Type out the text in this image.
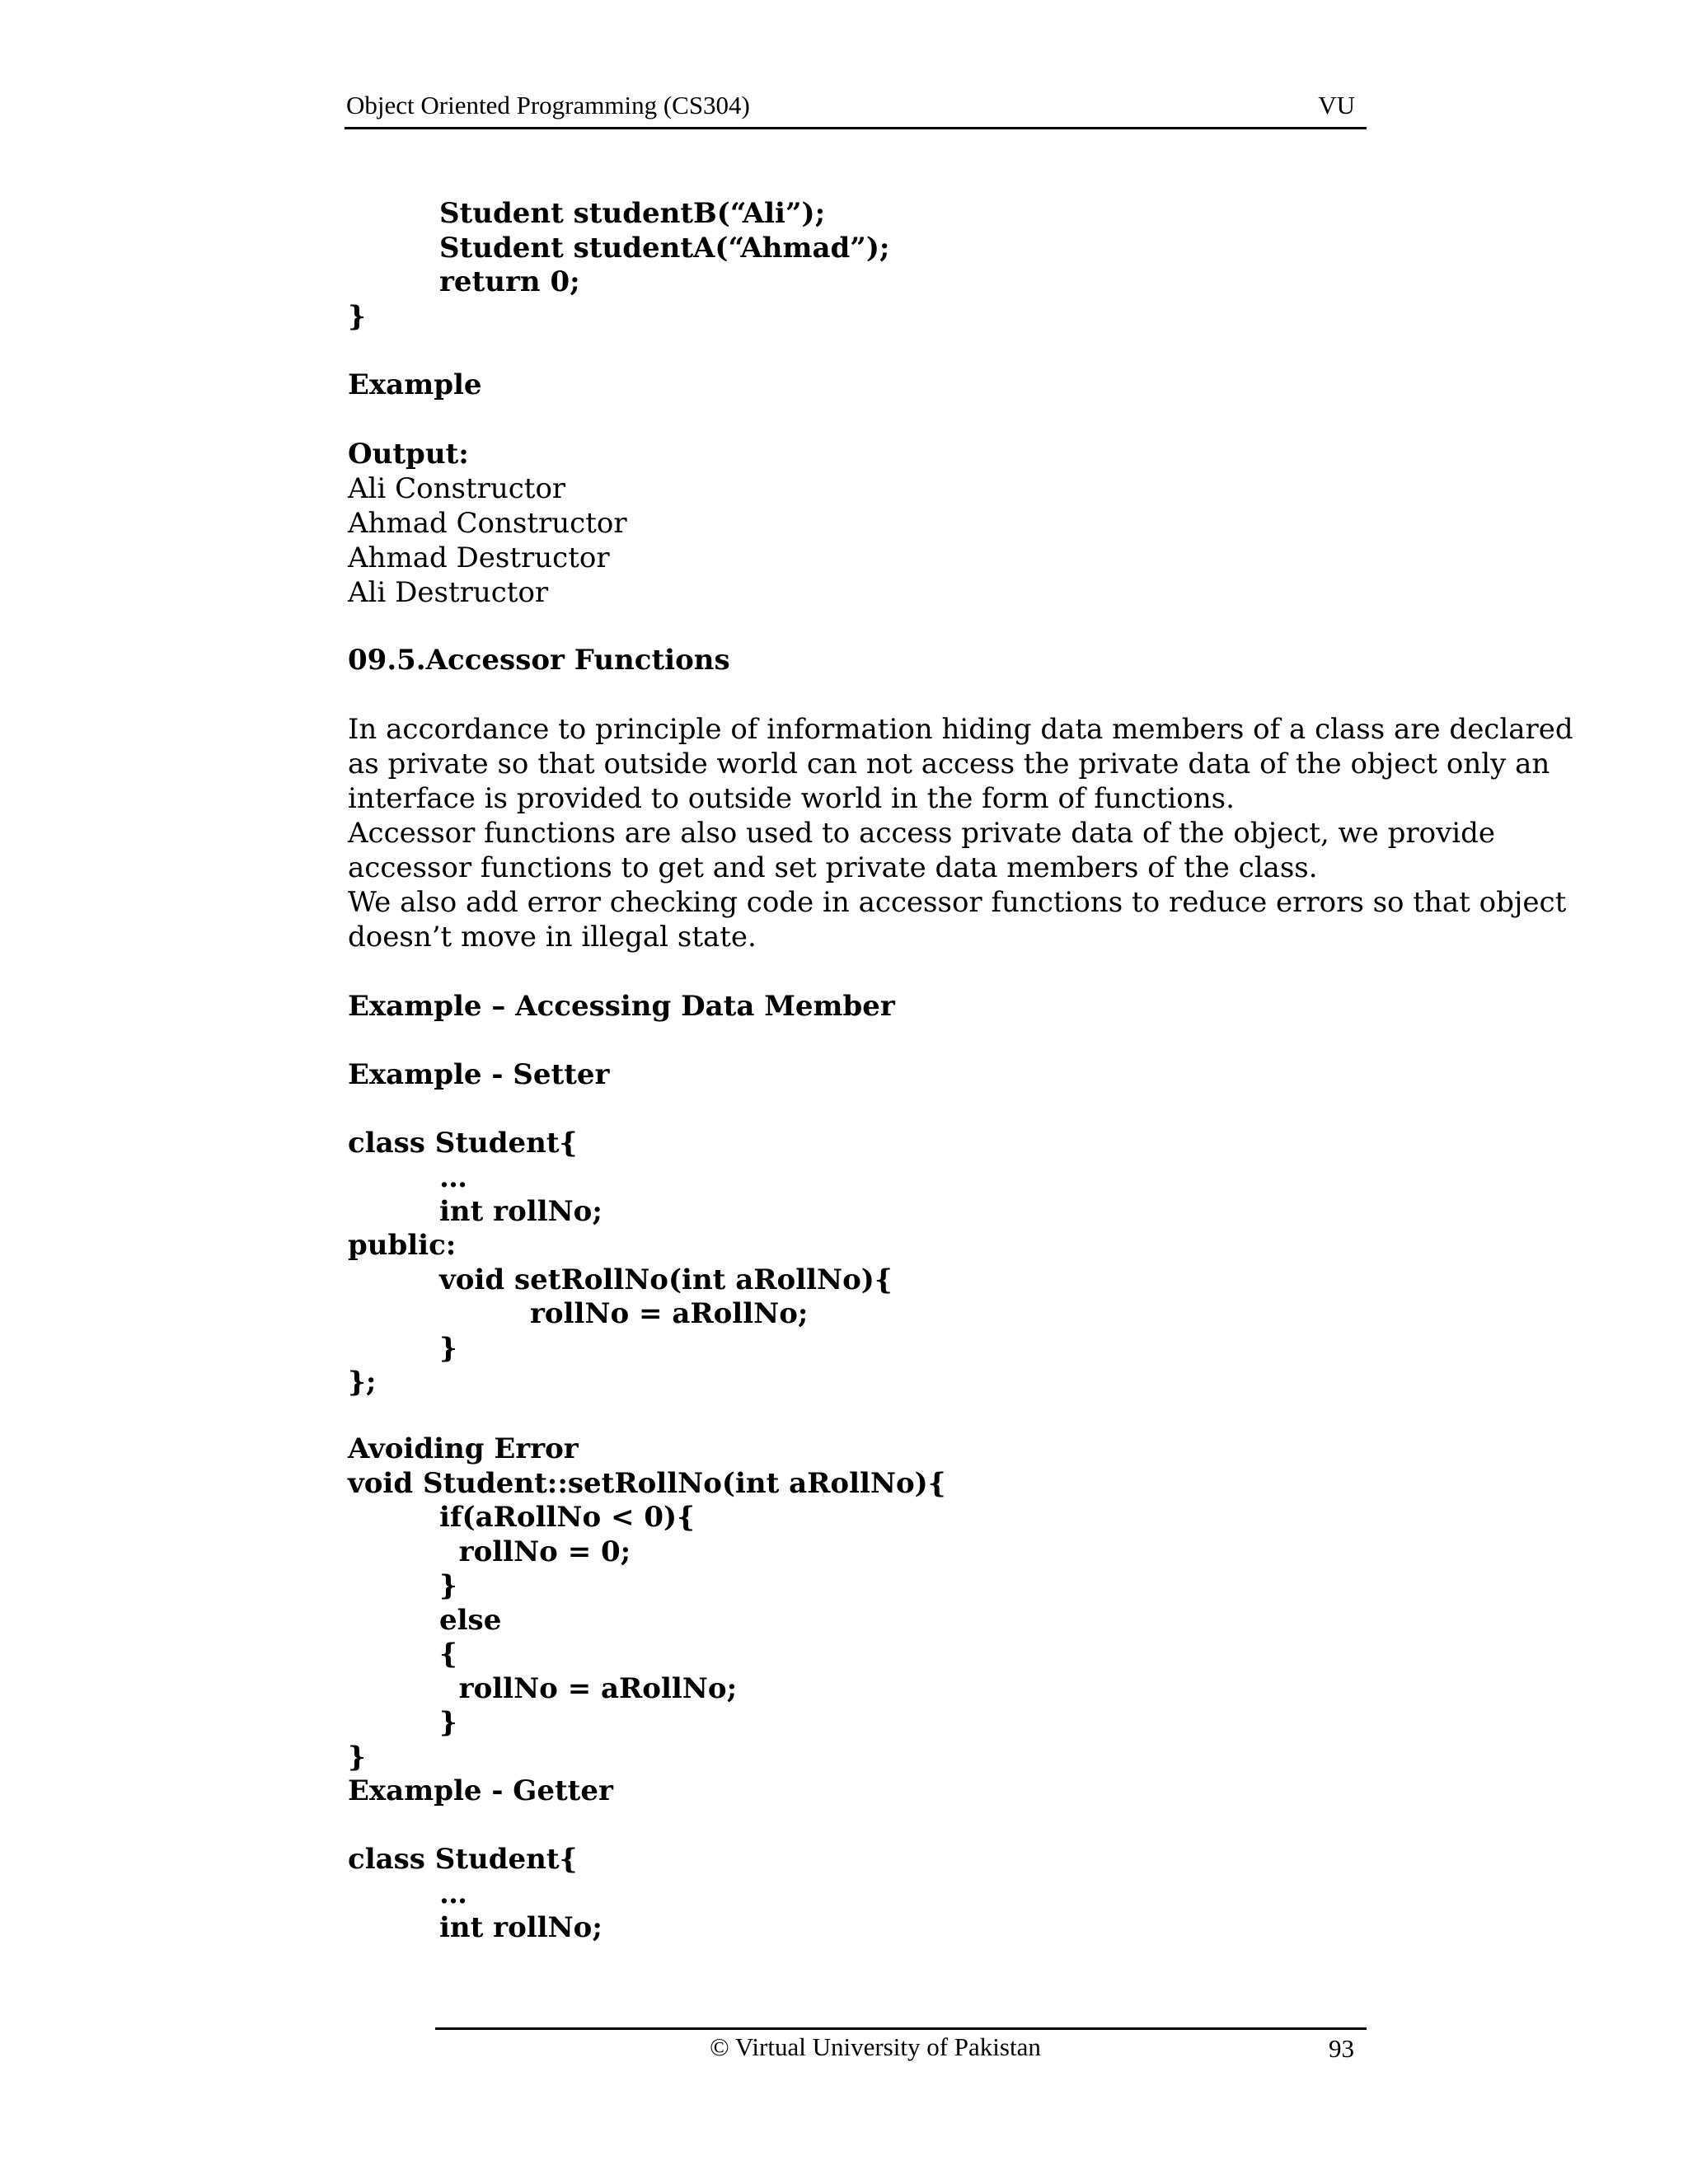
Object Oriented Programming (CS304)	VU
Student studentB(“Ali”);
Student studentA(“Ahmad”);
return 0;
}
Example
Output:
Ali Constructor
Ahmad Constructor
Ahmad Destructor
Ali Destructor
09.5.Accessor Functions
In accordance to principle of information hiding data members of a class are declared
as private so that outside world can not access the private data of the object only an
interface is provided to outside world in the form of functions.
Accessor functions are also used to access private data of the object, we provide
accessor functions to get and set private data members of the class.
We also add error checking code in accessor functions to reduce errors so that object
doesn’t move in illegal state.
Example – Accessing Data Member
Example - Setter
class Student{
…
int rollNo;
public:
void setRollNo(int aRollNo){
rollNo = aRollNo;
}
};
Avoiding Error
void Student::setRollNo(int aRollNo){
if(aRollNo < 0){
rollNo = 0;
}
else
{
rollNo = aRollNo;
}
}
Example - Getter
class Student{
…
int rollNo;
© Virtual University of Pakistan	93
